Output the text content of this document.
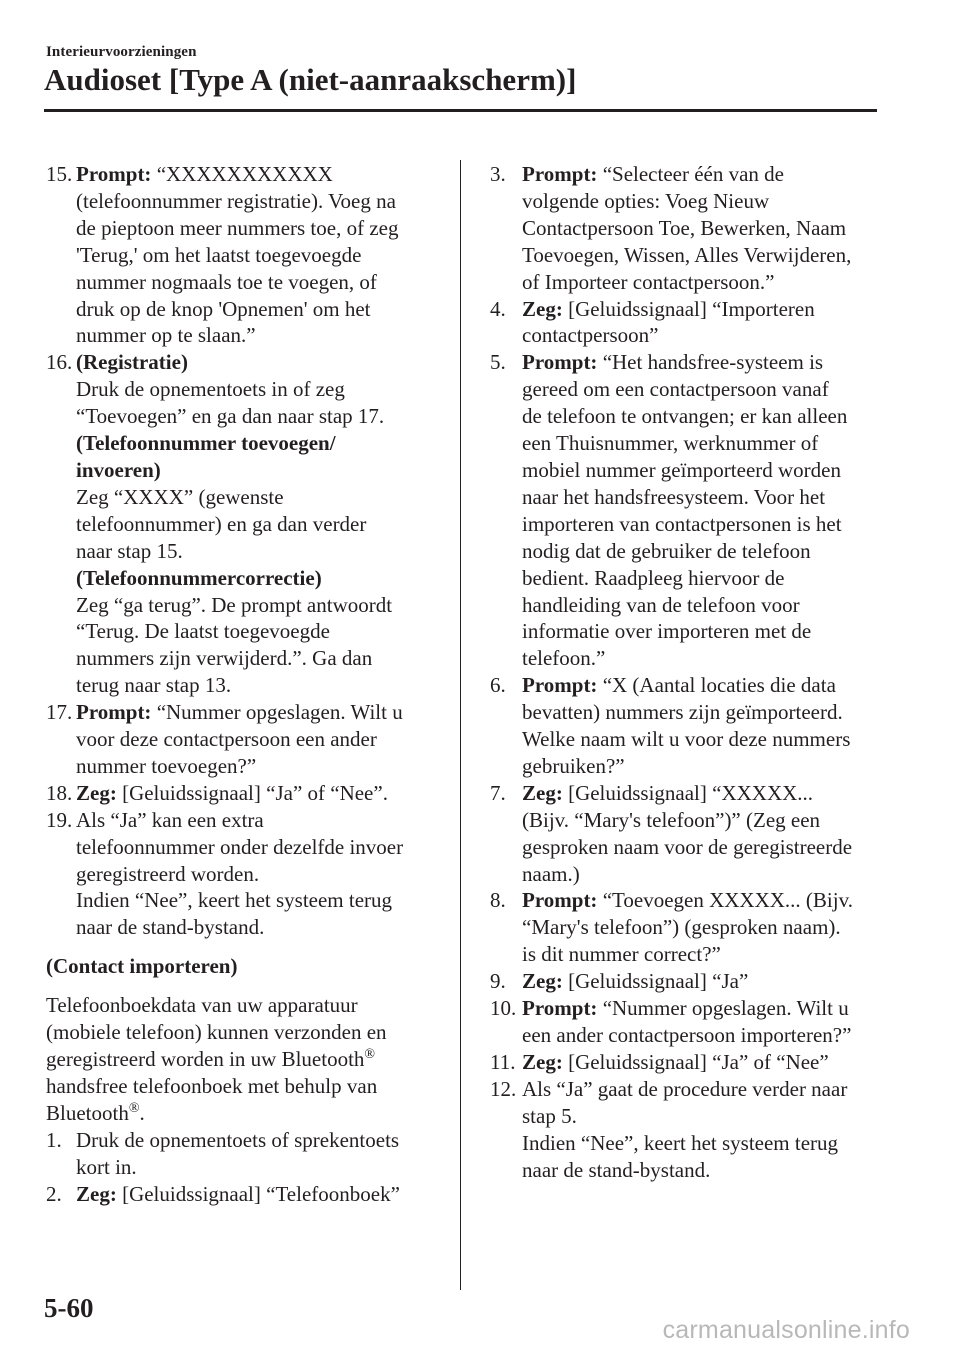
Interieurvoorzieningen
Audioset [Type A (niet-aanraakscherm)]
15. Prompt: “XXXXXXXXXXX
(telefoonnummer registratie). Voeg na
de pieptoon meer nummers toe, of zeg
'Terug,' om het laatst toegevoegde
nummer nogmaals toe te voegen, of
druk op de knop 'Opnemen' om het
nummer op te slaan.”
16. (Registratie)
Druk de opnementoets in of zeg
“Toevoegen” en ga dan naar stap 17.
(Telefoonnummer toevoegen/
invoeren)
Zeg “XXXX” (gewenste
telefoonnummer) en ga dan verder
naar stap 15.
(Telefoonnummercorrectie)
Zeg “ga terug”. De prompt antwoordt
“Terug. De laatst toegevoegde
nummers zijn verwijderd.”. Ga dan
terug naar stap 13.
17. Prompt: “Nummer opgeslagen. Wilt u
voor deze contactpersoon een ander
nummer toevoegen?”
18. Zeg: [Geluidssignaal] “Ja” of “Nee”.
19. Als “Ja” kan een extra
telefoonnummer onder dezelfde invoer
geregistreerd worden.
Indien “Nee”, keert het systeem terug
naar de stand-bystand.
(Contact importeren)
Telefoonboekdata van uw apparatuur
(mobiele telefoon) kunnen verzonden en
geregistreerd worden in uw Bluetooth®
handsfree telefoonboek met behulp van
Bluetooth®.
1. Druk de opnementoets of sprekentoets
kort in.
2. Zeg: [Geluidssignaal] “Telefoonboek”
3. Prompt: “Selecteer één van de
volgende opties: Voeg Nieuw
Contactpersoon Toe, Bewerken, Naam
Toevoegen, Wissen, Alles Verwijderen,
of Importeer contactpersoon.”
4. Zeg: [Geluidssignaal] “Importeren
contactpersoon”
5. Prompt: “Het handsfree-systeem is
gereed om een contactpersoon vanaf
de telefoon te ontvangen; er kan alleen
een Thuisnummer, werknummer of
mobiel nummer geïmporteerd worden
naar het handsfreesysteem. Voor het
importeren van contactpersonen is het
nodig dat de gebruiker de telefoon
bedient. Raadpleeg hiervoor de
handleiding van de telefoon voor
informatie over importeren met de
telefoon.”
6. Prompt: “X (Aantal locaties die data
bevatten) nummers zijn geïmporteerd.
Welke naam wilt u voor deze nummers
gebruiken?”
7. Zeg: [Geluidssignaal] “XXXXX...
(Bijv. “Mary's telefoon”)” (Zeg een
gesproken naam voor de geregistreerde
naam.)
8. Prompt: “Toevoegen XXXXX... (Bijv.
“Mary's telefoon”) (gesproken naam).
is dit nummer correct?”
9. Zeg: [Geluidssignaal] “Ja”
10. Prompt: “Nummer opgeslagen. Wilt u
een ander contactpersoon importeren?”
11. Zeg: [Geluidssignaal] “Ja” of “Nee”
12. Als “Ja” gaat de procedure verder naar
stap 5.
Indien “Nee”, keert het systeem terug
naar de stand-bystand.
5-60
carmanualsonline.info
